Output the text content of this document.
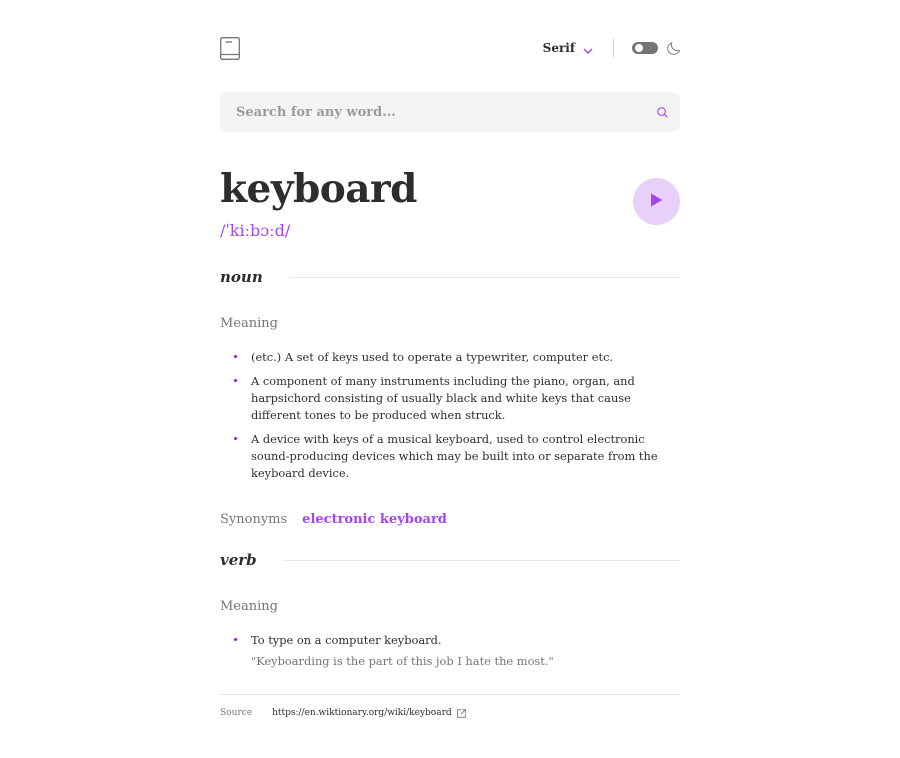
Serif
Search for any word...
keyboard
/ˈkiːbɔːd/
noun
Meaning
(etc.) A set of keys used to operate a typewriter, computer etc.
A component of many instruments including the piano, organ, and harpsichord consisting of usually black and white keys that cause different tones to be produced when struck.
A device with keys of a musical keyboard, used to control electronic sound-producing devices which may be built into or separate from the keyboard device.
Synonyms electronic keyboard
verb
Meaning
To type on a computer keyboard.
"Keyboarding is the part of this job I hate the most."
Source https://en.wiktionary.org/wiki/keyboard
